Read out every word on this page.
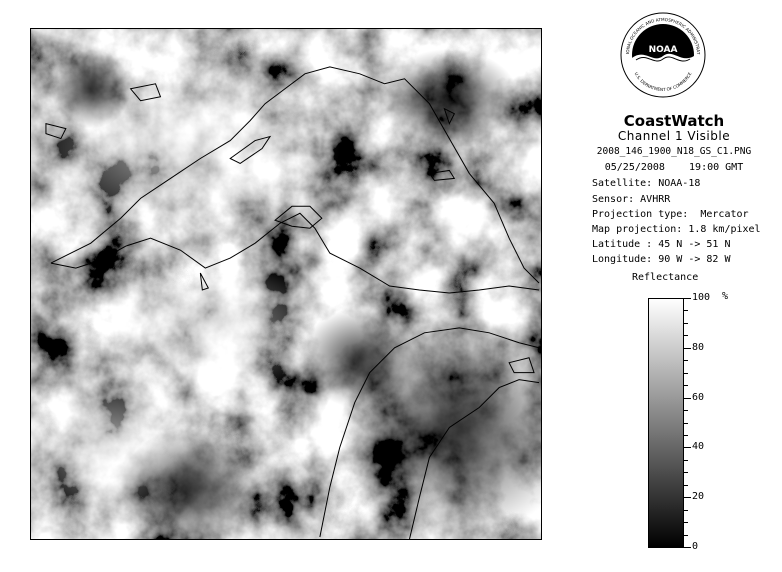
NOAA
IONAL OCEANIC AND ATMOSPHERIC ADMINISTRAT
U.S. DEPARTMENT OF COMMERCE
CoastWatch
Channel 1 Visible
2008_146_1900_N18_GS_C1.PNG
05/25/2008    19:00 GMT
Satellite: NOAA-18
Sensor: AVHRR
Projection type:  Mercator
Map projection: 1.8 km/pixel
Latitude : 45 N -> 51 N
Longitude: 90 W -> 82 W
Reflectance
%
0
20
40
60
80
100
